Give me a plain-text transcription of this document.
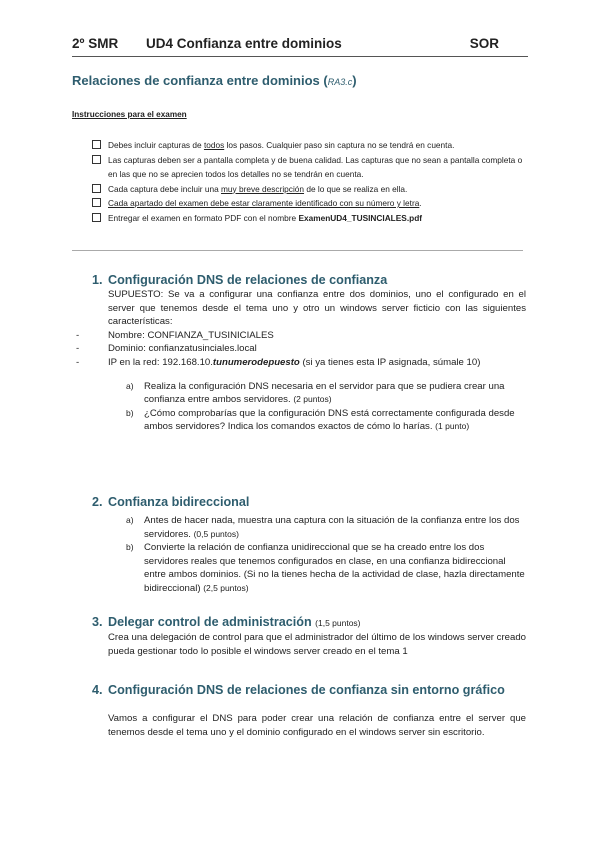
2º SMR UD4 Confianza entre dominios	SOR
Relaciones de confianza entre dominios (RA3.c)
Instrucciones para el examen
Debes incluir capturas de todos los pasos. Cualquier paso sin captura no se tendrá en cuenta.
Las capturas deben ser a pantalla completa y de buena calidad. Las capturas que no sean a pantalla completa o en las que no se aprecien todos los detalles no se tendrán en cuenta.
Cada captura debe incluir una muy breve descripción de lo que se realiza en ella.
Cada apartado del examen debe estar claramente identificado con su número y letra.
Entregar el examen en formato PDF con el nombre ExamenUD4_TUSINCIALES.pdf
1. Configuración DNS de relaciones de confianza
SUPUESTO: Se va a configurar una confianza entre dos dominios, uno el configurado en el server que tenemos desde el tema uno y otro un windows server ficticio con las siguientes características:
-	Nombre: CONFIANZA_TUSINICIALES
-	Dominio: confianzatusinciales.local
-	IP en la red: 192.168.10.tunumerodepuesto (si ya tienes esta IP asignada, súmale 10)
a) Realiza la configuración DNS necesaria en el servidor para que se pudiera crear una confianza entre ambos servidores. (2 puntos)
b) ¿Cómo comprobarías que la configuración DNS está correctamente configurada desde ambos servidores? Indica los comandos exactos de cómo lo harías. (1 punto)
2. Confianza bidireccional
a) Antes de hacer nada, muestra una captura con la situación de la confianza entre los dos servidores. (0,5 puntos)
b) Convierte la relación de confianza unidireccional que se ha creado entre los dos servidores reales que tenemos configurados en clase, en una confianza bidireccional entre ambos dominios. (Si no la tienes hecha de la actividad de clase, hazla directamente bidireccional) (2,5 puntos)
3. Delegar control de administración (1,5 puntos)
Crea una delegación de control para que el administrador del último de los windows server creado pueda gestionar todo lo posible el windows server creado en el tema 1
4. Configuración DNS de relaciones de confianza sin entorno gráfico
Vamos a configurar el DNS para poder crear una relación de confianza entre el server que tenemos desde el tema uno y el dominio configurado en el windows server sin escritorio.
